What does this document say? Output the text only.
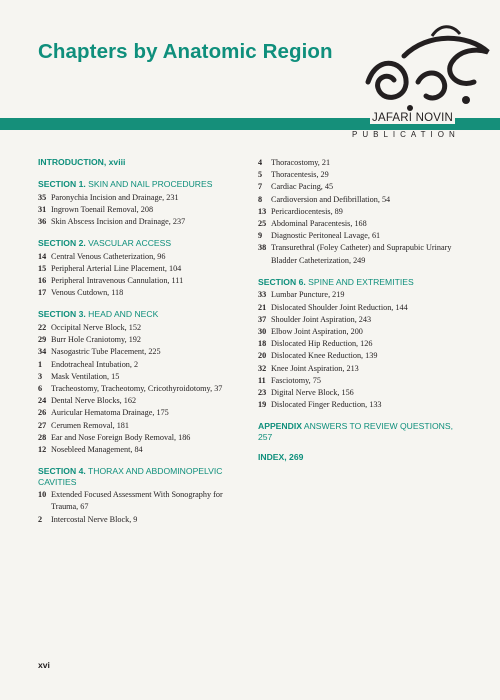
Chapters by Anatomic Region
JAFARI NOVIN
PUBLICATION
INTRODUCTION, xviii
SECTION 1. SKIN AND NAIL PROCEDURES
35 Paronychia Incision and Drainage, 231
31 Ingrown Toenail Removal, 208
36 Skin Abscess Incision and Drainage, 237
SECTION 2. VASCULAR ACCESS
14 Central Venous Catheterization, 96
15 Peripheral Arterial Line Placement, 104
16 Peripheral Intravenous Cannulation, 111
17 Venous Cutdown, 118
SECTION 3. HEAD AND NECK
22 Occipital Nerve Block, 152
29 Burr Hole Craniotomy, 192
34 Nasogastric Tube Placement, 225
1	Endotracheal Intubation, 2
3	Mask Ventilation, 15
6	Tracheostomy, Tracheotomy, Cricothyroidotomy, 37
24 Dental Nerve Blocks, 162
26 Auricular Hematoma Drainage, 175
27 Cerumen Removal, 181
28 Ear and Nose Foreign Body Removal, 186
12 Nosebleed Management, 84
SECTION 4. THORAX AND ABDOMINOPELVIC CAVITIES
10 Extended Focused Assessment With Sonography for Trauma, 67
2	Intercostal Nerve Block, 9
4	Thoracostomy, 21
5	Thoracentesis, 29
7	Cardiac Pacing, 45
8	Cardioversion and Defibrillation, 54
13 Pericardiocentesis, 89
25 Abdominal Paracentesis, 168
9	Diagnostic Peritoneal Lavage, 61
38 Transurethral (Foley Catheter) and Suprapubic Urinary Bladder Catheterization, 249
SECTION 6. SPINE AND EXTREMITIES
33 Lumbar Puncture, 219
21 Dislocated Shoulder Joint Reduction, 144
37 Shoulder Joint Aspiration, 243
30 Elbow Joint Aspiration, 200
18 Dislocated Hip Reduction, 126
20 Dislocated Knee Reduction, 139
32 Knee Joint Aspiration, 213
11 Fasciotomy, 75
23 Digital Nerve Block, 156
19 Dislocated Finger Reduction, 133
APPENDIX ANSWERS TO REVIEW QUESTIONS, 257
INDEX, 269
xvi
